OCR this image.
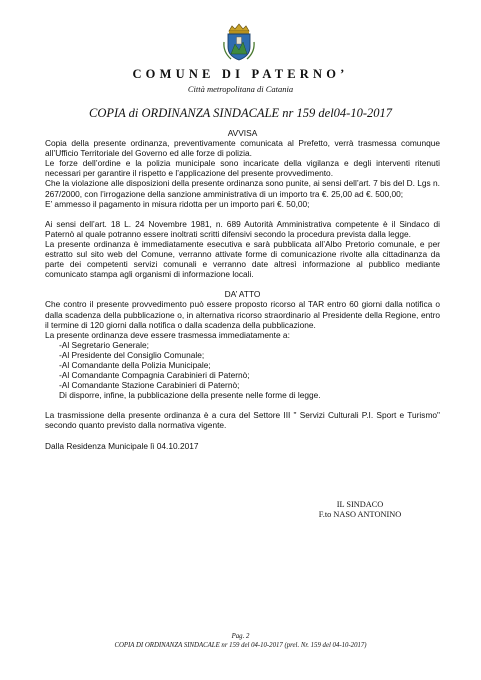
COMUNE DI PATERNO’
Città metropolitana di Catania
COPIA di ORDINANZA SINDACALE nr 159 del04-10-2017

AVVISA

Copia della presente ordinanza, preventivamente comunicata al Prefetto, verrà trasmessa comunque all’Ufficio Territoriale del Governo ed alle forze di polizia.

Le forze dell’ordine e la polizia municipale sono incaricate della vigilanza e degli interventi ritenuti necessari per garantire il rispetto e l’applicazione del presente provvedimento.

Che la violazione alle disposizioni della presente ordinanza sono punite, ai sensi dell’art. 7 bis del D. Lgs n. 267/2000, con l’irrogazione della sanzione amministrativa di un importo tra €. 25,00 ad €. 500,00;

E’ ammesso il pagamento in misura ridotta per un importo pari €. 50,00;

Ai sensi dell’art. 18 L. 24 Novembre 1981, n. 689 Autorità Amministrativa competente è il Sindaco di Paternò al quale potranno essere inoltrati scritti difensivi secondo la procedura prevista dalla legge.

La presente ordinanza è immediatamente esecutiva e sarà pubblicata all’Albo Pretorio comunale, e per estratto sul sito web del Comune, verranno attivate forme di comunicazione rivolte alla cittadinanza da parte dei competenti servizi comunali e verranno date altresì informazione al pubblico mediante comunicato stampa agli organismi di informazione locali.

DA’ ATTO

Che contro il presente provvedimento può essere proposto ricorso al TAR entro 60 giorni dalla notifica o dalla scadenza della pubblicazione o, in alternativa ricorso straordinario al Presidente della Regione, entro il termine di 120 giorni dalla notifica o dalla scadenza della pubblicazione.

La presente ordinanza deve essere trasmessa immediatamente a:

-Al Segretario Generale;

-Al Presidente del Consiglio Comunale;

-Al Comandante della Polizia Municipale;

-Al Comandante Compagnia Carabinieri di Paternò;

-Al Comandante Stazione Carabinieri di Paternò;

Di disporre, infine, la pubblicazione della presente nelle forme di legge.

La trasmissione della presente ordinanza è a cura del Settore III " Servizi Culturali P.I. Sport e Turismo" secondo quanto previsto dalla normativa vigente.

Dalla Residenza Municipale lì 04.10.2017

IL SINDACO
F.to NASO ANTONINO
Pag. 2
COPIA DI ORDINANZA SINDACALE nr 159 del 04-10-2017 (prel. Nr. 159 del 04-10-2017)
